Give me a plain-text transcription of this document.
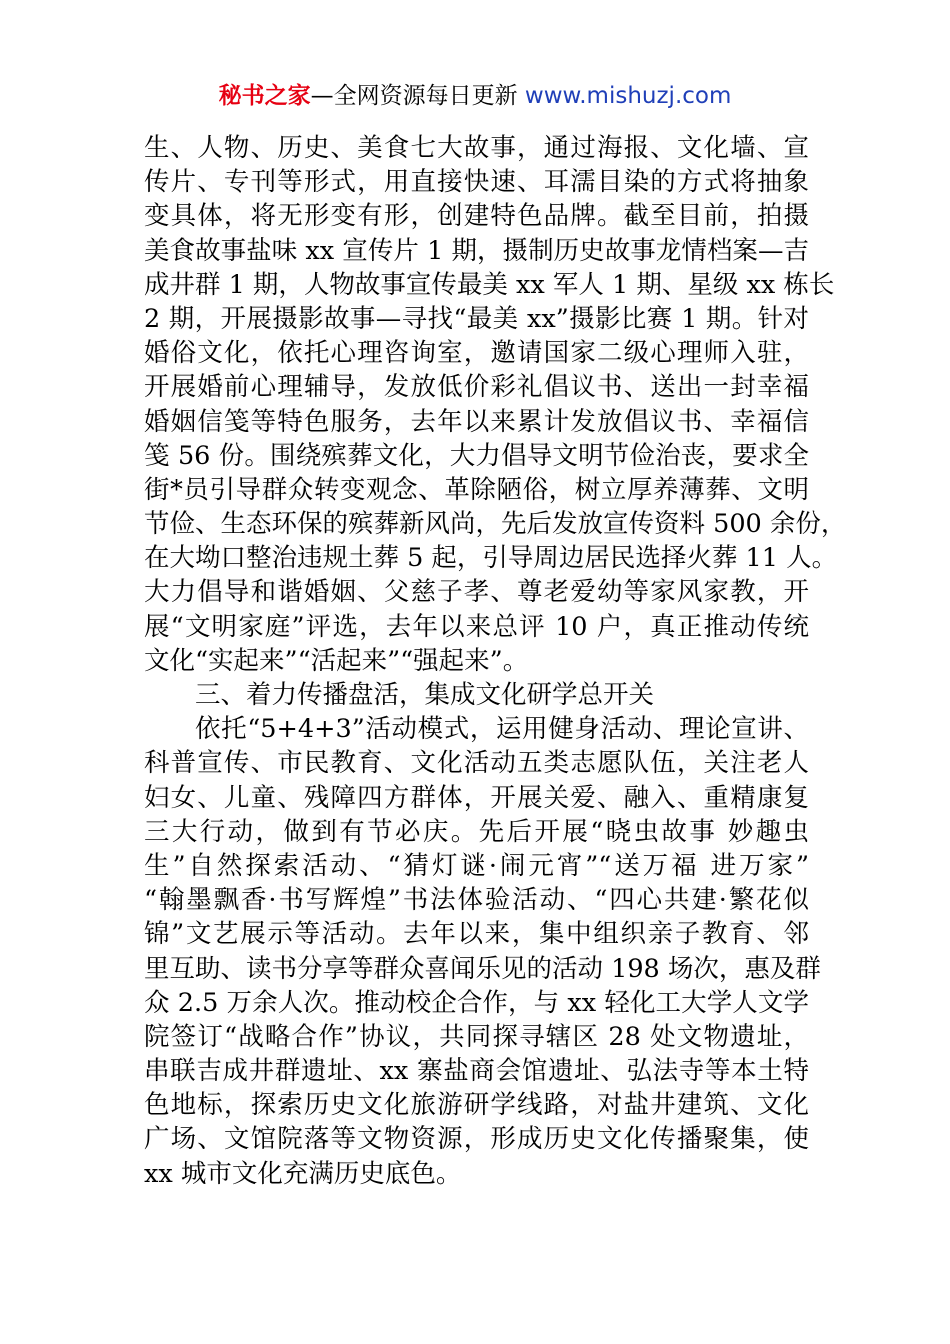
秘书之家—全网资源每日更新 www.mishuzj.com
生、人物、历史、美食七大故事，通过海报、文化墙、宣
传片、专刊等形式，用直接快速、耳濡目染的方式将抽象
变具体，将无形变有形，创建特色品牌。截至目前，拍摄
美食故事盐味 xx 宣传片 1 期，摄制历史故事龙情档案—吉
成井群 1 期，人物故事宣传最美 xx 军人 1 期、星级 xx 栋长
2 期，开展摄影故事—寻找“最美 xx”摄影比赛 1 期。针对
婚俗文化，依托心理咨询室，邀请国家二级心理师入驻，
开展婚前心理辅导，发放低价彩礼倡议书、送出一封幸福
婚姻信笺等特色服务，去年以来累计发放倡议书、幸福信
笺 56 份。围绕殡葬文化，大力倡导文明节俭治丧，要求全
街*员引导群众转变观念、革除陋俗，树立厚养薄葬、文明
节俭、生态环保的殡葬新风尚，先后发放宣传资料 500 余份，
在大坳口整治违规土葬 5 起，引导周边居民选择火葬 11 人。
大力倡导和谐婚姻、父慈子孝、尊老爱幼等家风家教，开
展“文明家庭”评选，去年以来总评 10 户，真正推动传统
文化“实起来”“活起来”“强起来”。
三、着力传播盘活，集成文化研学总开关
依托“5+4+3”活动模式，运用健身活动、理论宣讲、
科普宣传、市民教育、文化活动五类志愿队伍，关注老人
妇女、儿童、残障四方群体，开展关爱、融入、重精康复
三大行动，做到有节必庆。先后开展“晓虫故事 妙趣虫
生”自然探索活动、“猜灯谜·闹元宵”“送万福 进万家”
“翰墨飘香·书写辉煌”书法体验活动、“四心共建·繁花似
锦”文艺展示等活动。去年以来，集中组织亲子教育、邻
里互助、读书分享等群众喜闻乐见的活动 198 场次，惠及群
众 2.5 万余人次。推动校企合作，与 xx 轻化工大学人文学
院签订“战略合作”协议，共同探寻辖区 28 处文物遗址，
串联吉成井群遗址、xx 寨盐商会馆遗址、弘法寺等本土特
色地标，探索历史文化旅游研学线路，对盐井建筑、文化
广场、文馆院落等文物资源，形成历史文化传播聚集，使
xx 城市文化充满历史底色。
